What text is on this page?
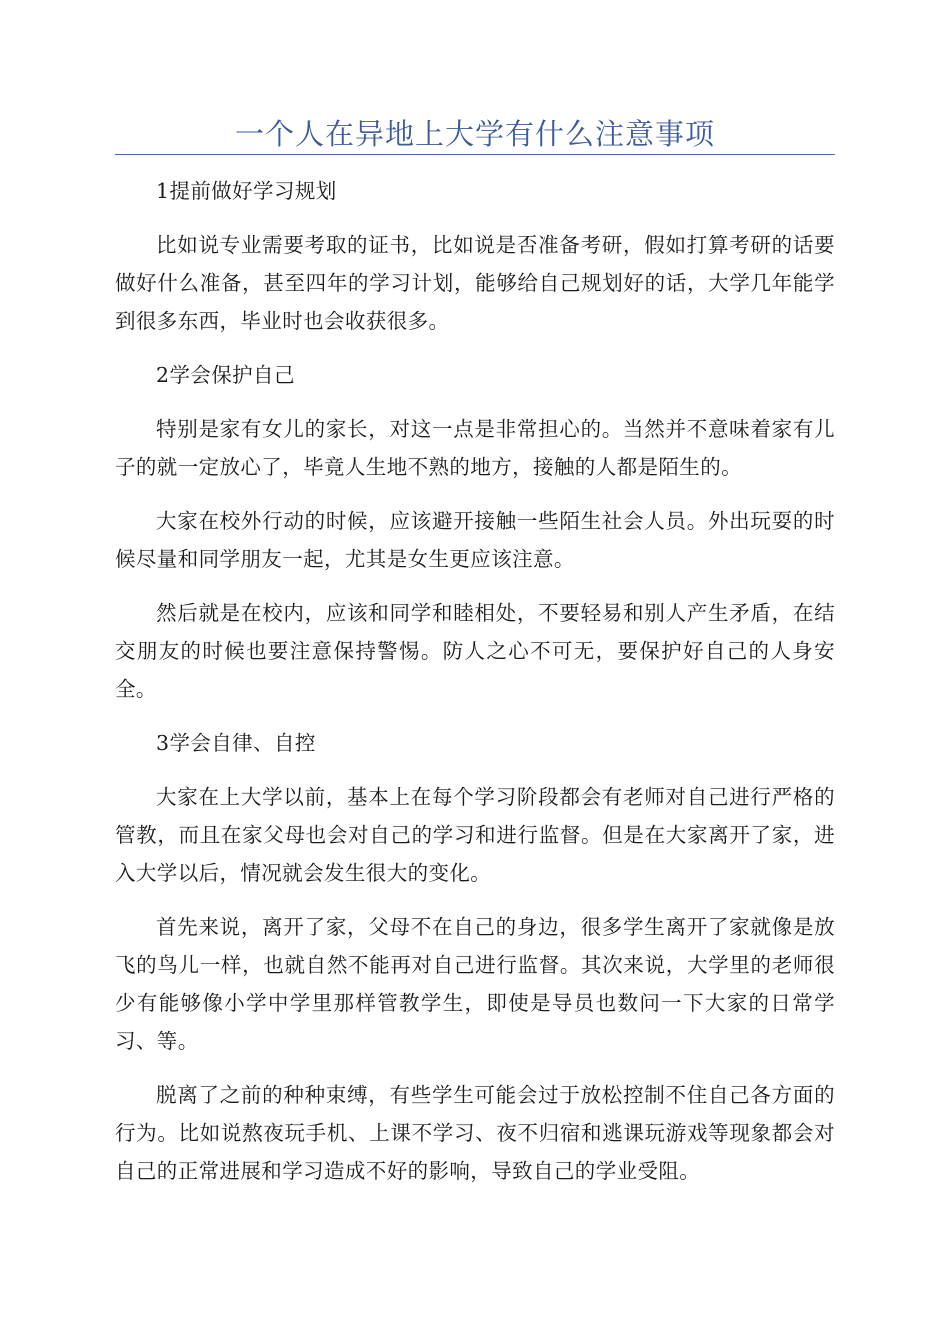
一个人在异地上大学有什么注意事项

1提前做好学习规划

比如说专业需要考取的证书，比如说是否准备考研，假如打算考研的话要做好什么准备，甚至四年的学习计划，能够给自己规划好的话，大学几年能学到很多东西，毕业时也会收获很多。

2学会保护自己

特别是家有女儿的家长，对这一点是非常担心的。当然并不意味着家有儿子的就一定放心了，毕竟人生地不熟的地方，接触的人都是陌生的。

大家在校外行动的时候，应该避开接触一些陌生社会人员。外出玩耍的时候尽量和同学朋友一起，尤其是女生更应该注意。

然后就是在校内，应该和同学和睦相处，不要轻易和别人产生矛盾，在结交朋友的时候也要注意保持警惕。防人之心不可无，要保护好自己的人身安全。

3学会自律、自控

大家在上大学以前，基本上在每个学习阶段都会有老师对自己进行严格的管教，而且在家父母也会对自己的学习和进行监督。但是在大家离开了家，进入大学以后，情况就会发生很大的变化。

首先来说，离开了家，父母不在自己的身边，很多学生离开了家就像是放飞的鸟儿一样，也就自然不能再对自己进行监督。其次来说，大学里的老师很少有能够像小学中学里那样管教学生，即使是导员也数问一下大家的日常学习、等。

脱离了之前的种种束缚，有些学生可能会过于放松控制不住自己各方面的行为。比如说熬夜玩手机、上课不学习、夜不归宿和逃课玩游戏等现象都会对自己的正常进展和学习造成不好的影响，导致自己的学业受阻。
